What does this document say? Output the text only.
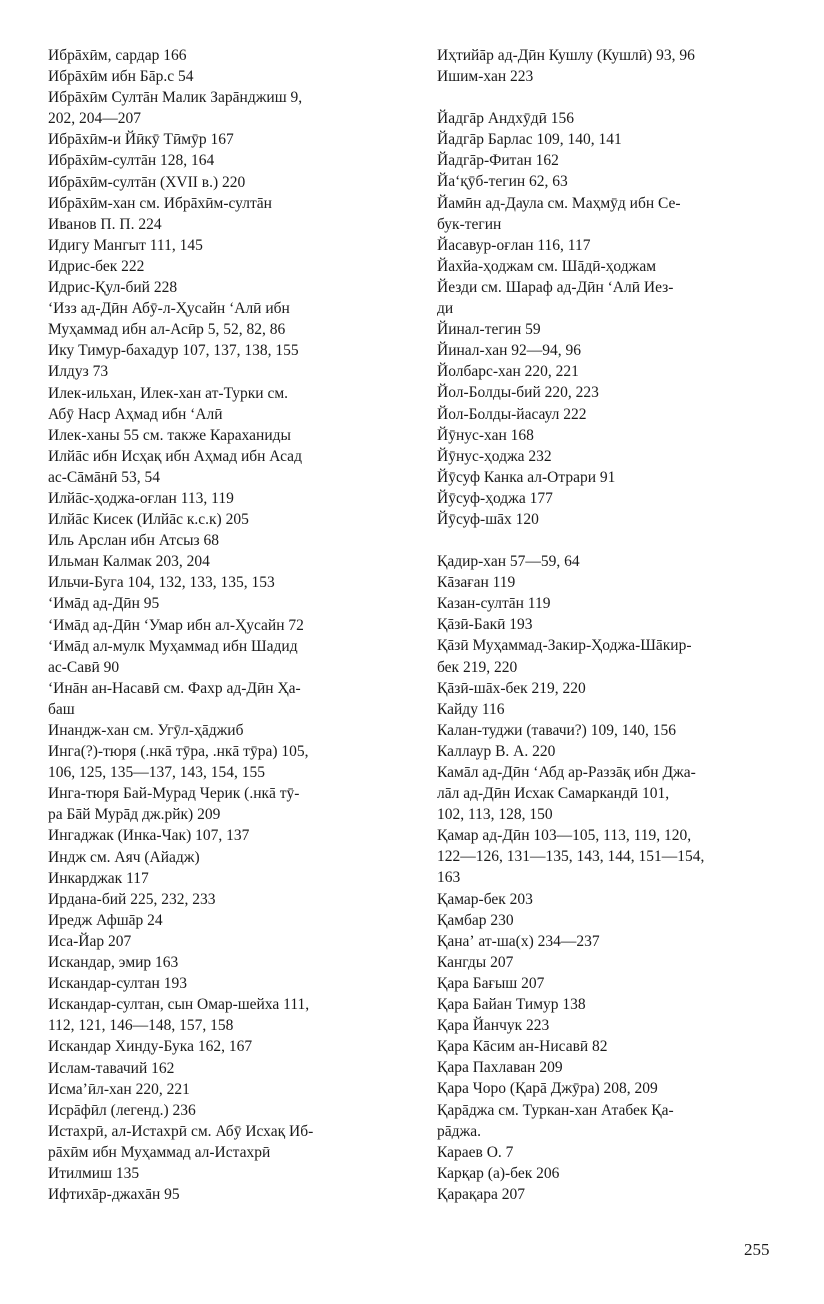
Ибрāхӣм, сардар 166
Ибрāхӣм ибн Бāр.с 54
Ибрāхӣм Султāн Малик Зарāнджиш 9,
202, 204—207
Ибрāхӣм-и Йӣкӯ Тӣмӯр 167
Ибрāхӣм-султāн 128, 164
Ибрāхӣм-султāн (XVII в.) 220
Ибрāхӣм-хан см. Ибрāхӣм-султāн
Иванов П. П. 224
Идигу Мангыт 111, 145
Идрис-бек 222
Идрис-Қул-бий 228
ʻИзз ад-Дӣн Абӯ-л-Ҳусайн ʻАлӣ ибн
Муҳаммад ибн ал-Асӣр 5, 52, 82, 86
Ику Тимур-бахадур 107, 137, 138, 155
Илдуз 73
Илек-ильхан, Илек-хан ат-Турки см.
Абӯ Наср Аҳмад ибн ʻАлӣ
Илек-ханы 55 см. также Караханиды
Илйāс ибн Исҳақ ибн Аҳмад ибн Асад
ас-Сāмāнӣ 53, 54
Илйāс-ҳоджа-оғлан 113, 119
Илйāс Кисек (Илйāс к.с.к) 205
Иль Арслан ибн Атсыз 68
Ильман Калмак 203, 204
Ильчи-Буга 104, 132, 133, 135, 153
ʻИмāд ад-Дӣн 95
ʻИмāд ад-Дӣн ʻУмар ибн ал-Ҳусайн 72
ʻИмāд ал-мулк Муҳаммад ибн Шадид
ас-Савӣ 90
ʻИнāн ан-Насавӣ см. Фахр ад-Дӣн Ҳа-
баш
Инандж-хан см. Угӯл-ҳāджиб
Инга(?)-тюря (.нкā тӯра, .нкā тӯра) 105,
106, 125, 135—137, 143, 154, 155
Инга-тюря Бай-Мурад Черик (.нкā тӯ-
ра Бāй Мурāд дж.рйк) 209
Ингаджак (Инка-Чак) 107, 137
Индж см. Аяч (Айадж)
Инкарджак 117
Ирдана-бий 225, 232, 233
Иредж Афшāр 24
Иса-Йар 207
Искандар, эмир 163
Искандар-султан 193
Искандар-султан, сын Омар-шейха 111,
112, 121, 146—148, 157, 158
Искандар Хинду-Бука 162, 167
Ислам-тавачий 162
Исмаʼӣл-хан 220, 221
Исрāфӣл (легенд.) 236
Истахрӣ, ал-Истахрӣ см. Абӯ Исхақ Иб-
рāхӣм ибн Муҳаммад ал-Истахрӣ
Итилмиш 135
Ифтихāр-джахāн 95
Иҳтийāр ад-Дӣн Кушлу (Кушлӣ) 93, 96
Ишим-хан 223
Йадгāр Андхӯдӣ 156
Йадгāр Барлас 109, 140, 141
Йадгāр-Фитан 162
Йаʻқӯб-тегин 62, 63
Йамӣн ад-Даула см. Маҳмӯд ибн Се-
бук-тегин
Йасавур-оғлан 116, 117
Йахйа-ҳоджам см. Шāдӣ-ҳоджам
Йезди см. Шараф ад-Дӣн ʻАлӣ Иез-
ди
Йинал-тегин 59
Йинал-хан 92—94, 96
Йолбарс-хан 220, 221
Йол-Болды-бий 220, 223
Йол-Болды-йасаул 222
Йӯнус-хан 168
Йӯнус-ҳоджа 232
Йӯсуф Канка ал-Отрари 91
Йӯсуф-ҳоджа 177
Йӯсуф-шāх 120
Қадир-хан 57—59, 64
Кāзаған 119
Казан-султāн 119
Қāзӣ-Бакӣ 193
Қāзӣ Муҳаммад-Закир-Ҳоджа-Шāкир-
бек 219, 220
Қāзӣ-шāх-бек 219, 220
Кайду 116
Калан-туджи (тавачи?) 109, 140, 156
Каллаур В. А. 220
Камāл ад-Дӣн ʻАбд ар-Раззāқ ибн Джа-
лāл ад-Дӣн Исхак Самаркандӣ 101,
102, 113, 128, 150
Қамар ад-Дӣн 103—105, 113, 119, 120,
122—126, 131—135, 143, 144, 151—154,
163
Қамар-бек 203
Қамбар 230
Қанаʼ ат-ша(х) 234—237
Кангды 207
Қара Бағыш 207
Қара Байан Тимур 138
Қара Йанчук 223
Қара Кāсим ан-Нисавӣ 82
Қара Пахлаван 209
Қара Чоро (Қарā Джӯра) 208, 209
Қарāджа см. Туркан-хан Атабек Қа-
рāджа.
Караев О. 7
Карқар (а)-бек 206
Қарақара 207
255
